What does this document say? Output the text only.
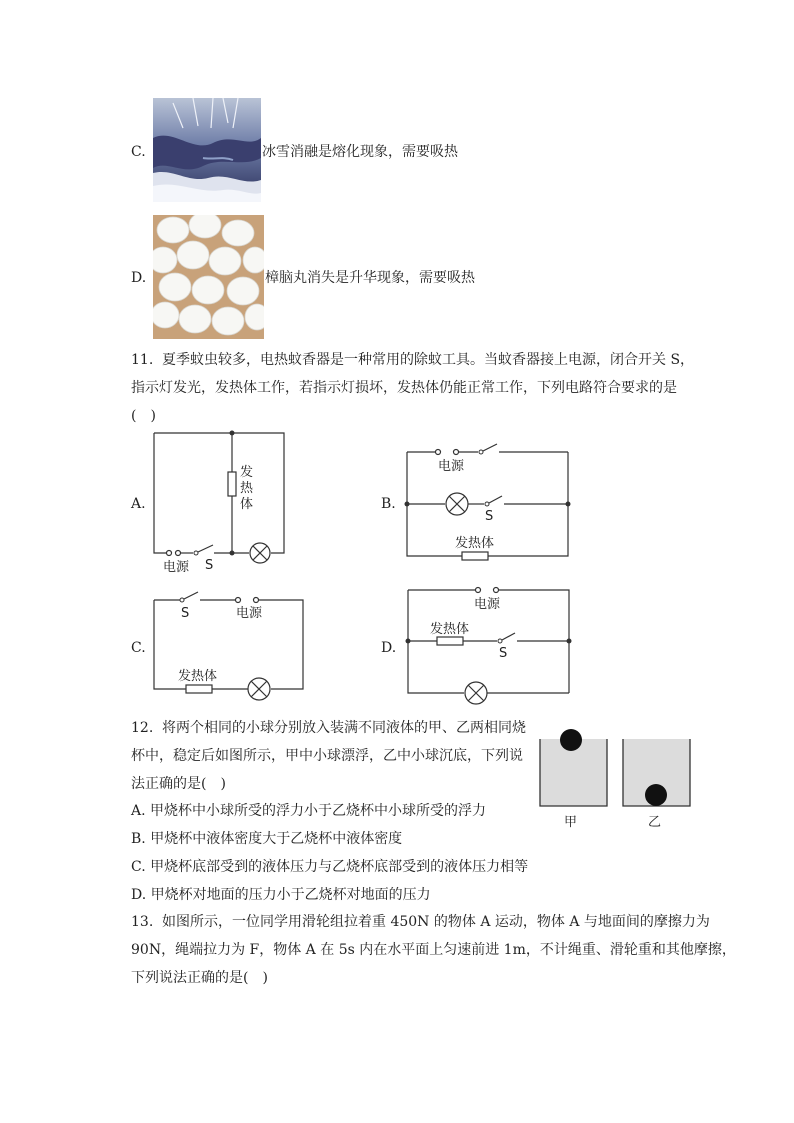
C.	冰雪消融是熔化现象，需要吸热
D.	樟脑丸消失是升华现象，需要吸热
11. 夏季蚊虫较多，电热蚊香器是一种常用的除蚊工具。当蚊香器接上电源，闭合开关 S，
指示灯发光，发热体工作，若指示灯损坏，发热体仍能正常工作，下列电路符合要求的是
(　)
A.	B.
C.	D.
发
热
体
电源 S
电源
S
发热体
S	电源
发热体
电源
发热体
S
12. 将两个相同的小球分别放入装满不同液体的甲、乙两相同烧
杯中，稳定后如图所示，甲中小球漂浮，乙中小球沉底，下列说
法正确的是(　)
A. 甲烧杯中小球所受的浮力小于乙烧杯中小球所受的浮力
B. 甲烧杯中液体密度大于乙烧杯中液体密度
C. 甲烧杯底部受到的液体压力与乙烧杯底部受到的液体压力相等
D. 甲烧杯对地面的压力小于乙烧杯对地面的压力
甲	乙
13. 如图所示，一位同学用滑轮组拉着重 450N 的物体 A 运动，物体 A 与地面间的摩擦力为
90N，绳端拉力为 F，物体 A 在 5s 内在水平面上匀速前进 1m，不计绳重、滑轮重和其他摩擦，
下列说法正确的是(　)
